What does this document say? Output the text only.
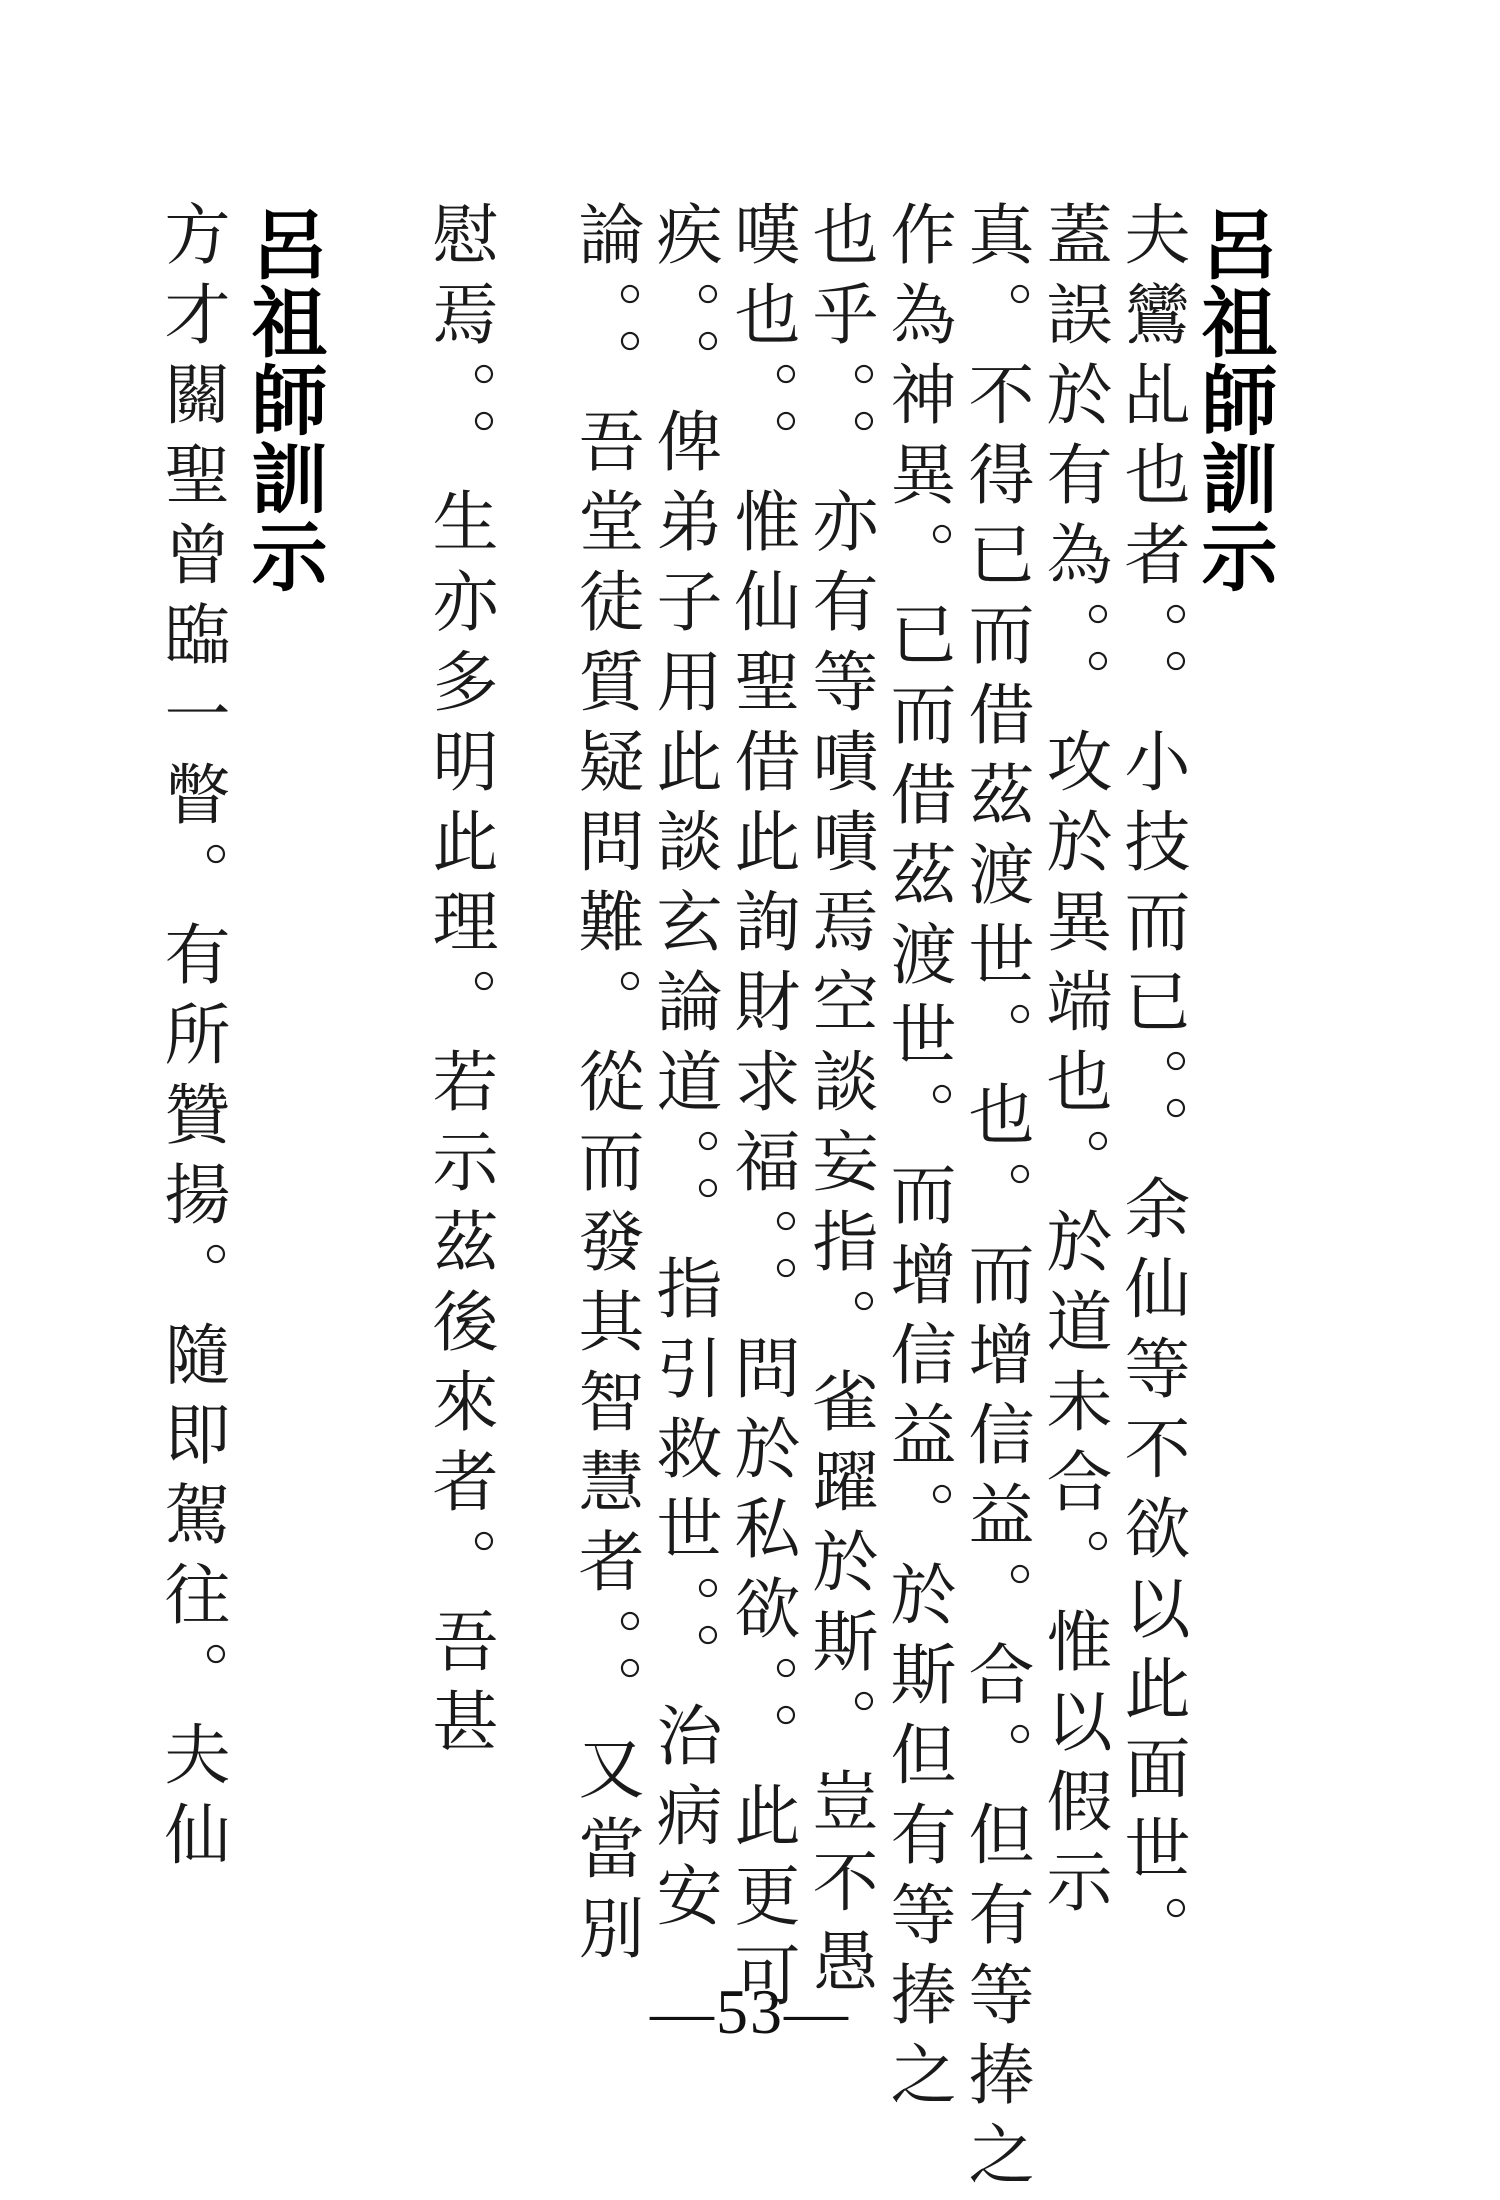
呂祖師訓示
夫鸞乩也者。。小技而已。。余仙等不欲以此面世。
蓋誤於有為。。攻於異端也。於道未合。惟以假示
真。不得已而借茲渡世。也。而增信益。合。但有等捧之
作為神異。已而借茲渡世。而增信益。於斯但有等捧之
也乎。。亦有等嘖嘖焉空談妄指。雀躍於斯。豈不愚
嘆也。。惟仙聖借此詢財求福。。問於私欲。。此更可
疾。。俾弟子用此談玄論道。。指引救世。。治病安
論。。吾堂徒質疑問難。從而發其智慧者。。又當別
慰焉。。生亦多明此理。若示茲後來者。吾甚
呂祖師訓示
方才關聖曾臨一瞥。有所贊揚。隨即駕往。夫仙
—53—
